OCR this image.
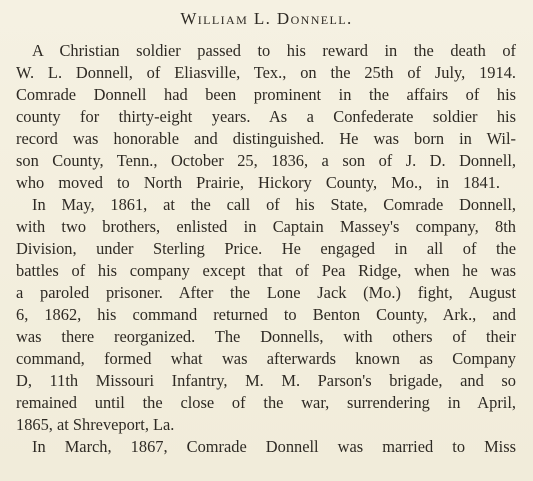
William L. Donnell.
A Christian soldier passed to his reward in the death of
W. L. Donnell, of Eliasville, Tex., on the 25th of July, 1914.
Comrade Donnell had been prominent in the affairs of his
county for thirty-eight years. As a Confederate soldier his
record was honorable and distinguished. He was born in Wil-
son County, Tenn., October 25, 1836, a son of J. D. Donnell,
who moved to North Prairie, Hickory County, Mo., in 1841.
In May, 1861, at the call of his State, Comrade Donnell,
with two brothers, enlisted in Captain Massey's company, 8th
Division, under Sterling Price. He engaged in all of the
battles of his company except that of Pea Ridge, when he was
a paroled prisoner. After the Lone Jack (Mo.) fight, August
6, 1862, his command returned to Benton County, Ark., and
was there reorganized. The Donnells, with others of their
command, formed what was afterwards known as Company
D, 11th Missouri Infantry, M. M. Parson's brigade, and so
remained until the close of the war, surrendering in April,
1865, at Shreveport, La.
In March, 1867, Comrade Donnell was married to Miss
